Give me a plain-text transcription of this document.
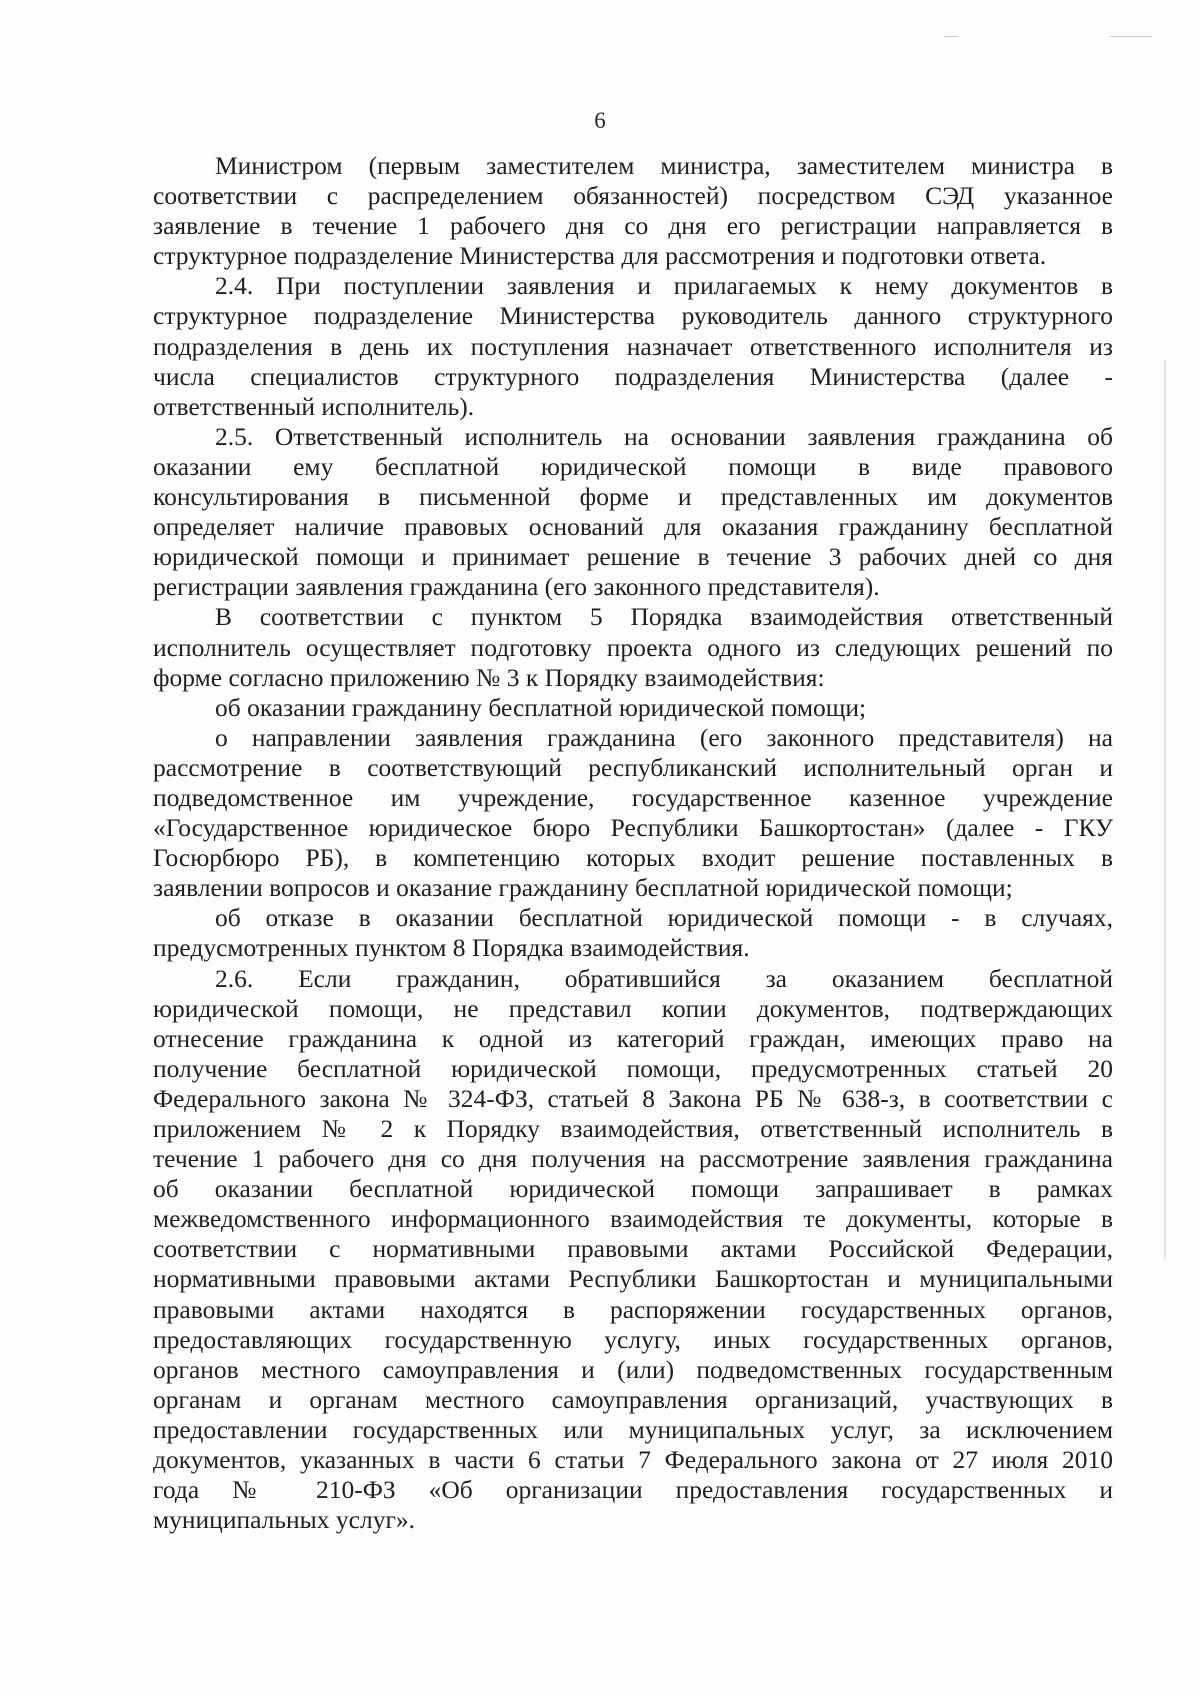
6
Министром (первым заместителем министра, заместителем министра в
соответствии с распределением обязанностей) посредством СЭД указанное
заявление в течение 1 рабочего дня со дня его регистрации направляется в
структурное подразделение Министерства для рассмотрения и подготовки ответа.
2.4. При поступлении заявления и прилагаемых к нему документов в
структурное подразделение Министерства руководитель данного структурного
подразделения в день их поступления назначает ответственного исполнителя из
числа специалистов структурного подразделения Министерства (далее -
ответственный исполнитель).
2.5. Ответственный исполнитель на основании заявления гражданина об
оказании ему бесплатной юридической помощи в виде правового
консультирования в письменной форме и представленных им документов
определяет наличие правовых оснований для оказания гражданину бесплатной
юридической помощи и принимает решение в течение 3 рабочих дней со дня
регистрации заявления гражданина (его законного представителя).
В соответствии с пунктом 5 Порядка взаимодействия ответственный
исполнитель осуществляет подготовку проекта одного из следующих решений по
форме согласно приложению № 3 к Порядку взаимодействия:
об оказании гражданину бесплатной юридической помощи;
о направлении заявления гражданина (его законного представителя) на
рассмотрение в соответствующий республиканский исполнительный орган и
подведомственное им учреждение, государственное казенное учреждение
«Государственное юридическое бюро Республики Башкортостан» (далее - ГКУ
Госюрбюро РБ), в компетенцию которых входит решение поставленных в
заявлении вопросов и оказание гражданину бесплатной юридической помощи;
об отказе в оказании бесплатной юридической помощи - в случаях,
предусмотренных пунктом 8 Порядка взаимодействия.
2.6. Если гражданин, обратившийся за оказанием бесплатной
юридической помощи, не представил копии документов, подтверждающих
отнесение гражданина к одной из категорий граждан, имеющих право на
получение бесплатной юридической помощи, предусмотренных статьей 20
Федерального закона № 324-ФЗ, статьей 8 Закона РБ № 638-з, в соответствии с
приложением № 2 к Порядку взаимодействия, ответственный исполнитель в
течение 1 рабочего дня со дня получения на рассмотрение заявления гражданина
об оказании бесплатной юридической помощи запрашивает в рамках
межведомственного информационного взаимодействия те документы, которые в
соответствии с нормативными правовыми актами Российской Федерации,
нормативными правовыми актами Республики Башкортостан и муниципальными
правовыми актами находятся в распоряжении государственных органов,
предоставляющих государственную услугу, иных государственных органов,
органов местного самоуправления и (или) подведомственных государственным
органам и органам местного самоуправления организаций, участвующих в
предоставлении государственных или муниципальных услуг, за исключением
документов, указанных в части 6 статьи 7 Федерального закона от 27 июля 2010
года № 210-ФЗ «Об организации предоставления государственных и
муниципальных услуг».
